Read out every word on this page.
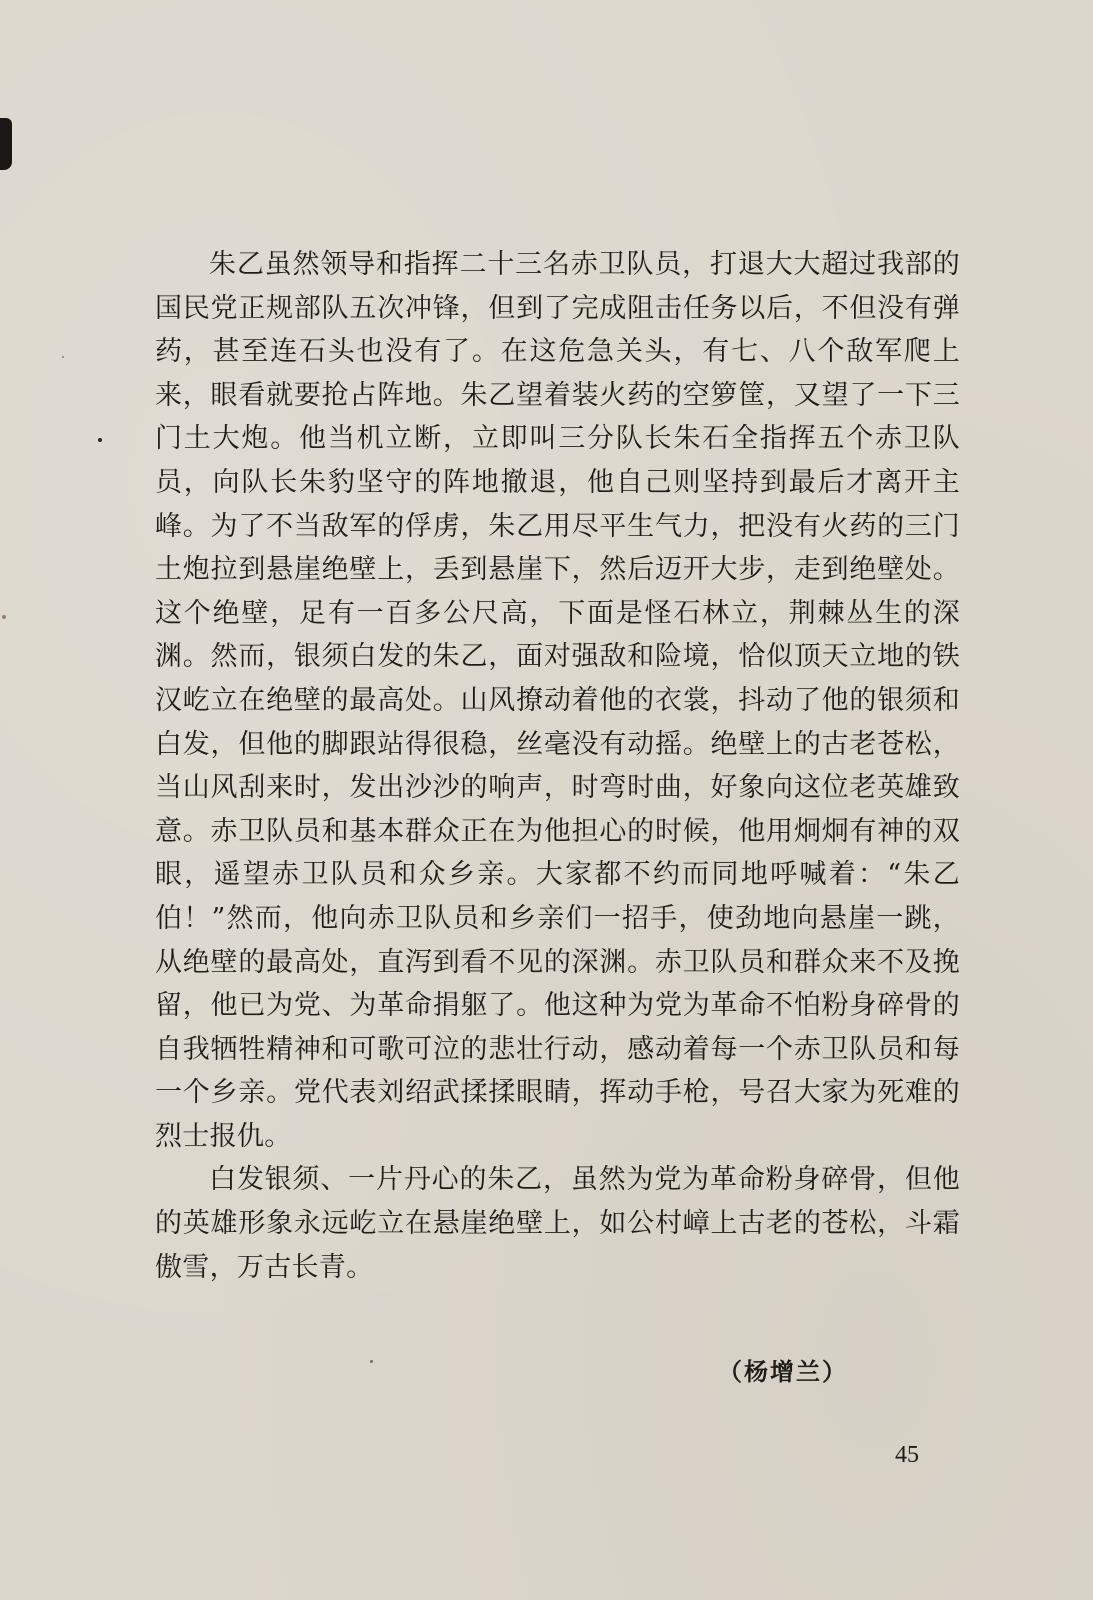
朱乙虽然领导和指挥二十三名赤卫队员，打退大大超过我部的国民党正规部队五次冲锋，但到了完成阻击任务以后，不但没有弹药，甚至连石头也没有了。在这危急关头，有七、八个敌军爬上来，眼看就要抢占阵地。朱乙望着装火药的空箩筐，又望了一下三门土大炮。他当机立断，立即叫三分队长朱石全指挥五个赤卫队员，向队长朱豹坚守的阵地撤退，他自己则坚持到最后才离开主峰。为了不当敌军的俘虏，朱乙用尽平生气力，把没有火药的三门土炮拉到悬崖绝壁上，丢到悬崖下，然后迈开大步，走到绝壁处。这个绝壁，足有一百多公尺高，下面是怪石林立，荆棘丛生的深渊。然而，银须白发的朱乙，面对强敌和险境，恰似顶天立地的铁汉屹立在绝壁的最高处。山风撩动着他的衣裳，抖动了他的银须和白发，但他的脚跟站得很稳，丝毫没有动摇。绝壁上的古老苍松，当山风刮来时，发出沙沙的响声，时弯时曲，好象向这位老英雄致意。赤卫队员和基本群众正在为他担心的时候，他用炯炯有神的双眼，遥望赤卫队员和众乡亲。大家都不约而同地呼喊着：“朱乙伯！”然而，他向赤卫队员和乡亲们一招手，使劲地向悬崖一跳，从绝壁的最高处，直泻到看不见的深渊。赤卫队员和群众来不及挽留，他已为党、为革命捐躯了。他这种为党为革命不怕粉身碎骨的自我牺牲精神和可歌可泣的悲壮行动，感动着每一个赤卫队员和每一个乡亲。党代表刘绍武揉揉眼睛，挥动手枪，号召大家为死难的烈士报仇。

白发银须、一片丹心的朱乙，虽然为党为革命粉身碎骨，但他的英雄形象永远屹立在悬崖绝壁上，如公村嶂上古老的苍松，斗霜傲雪，万古长青。

（杨增兰）
45
